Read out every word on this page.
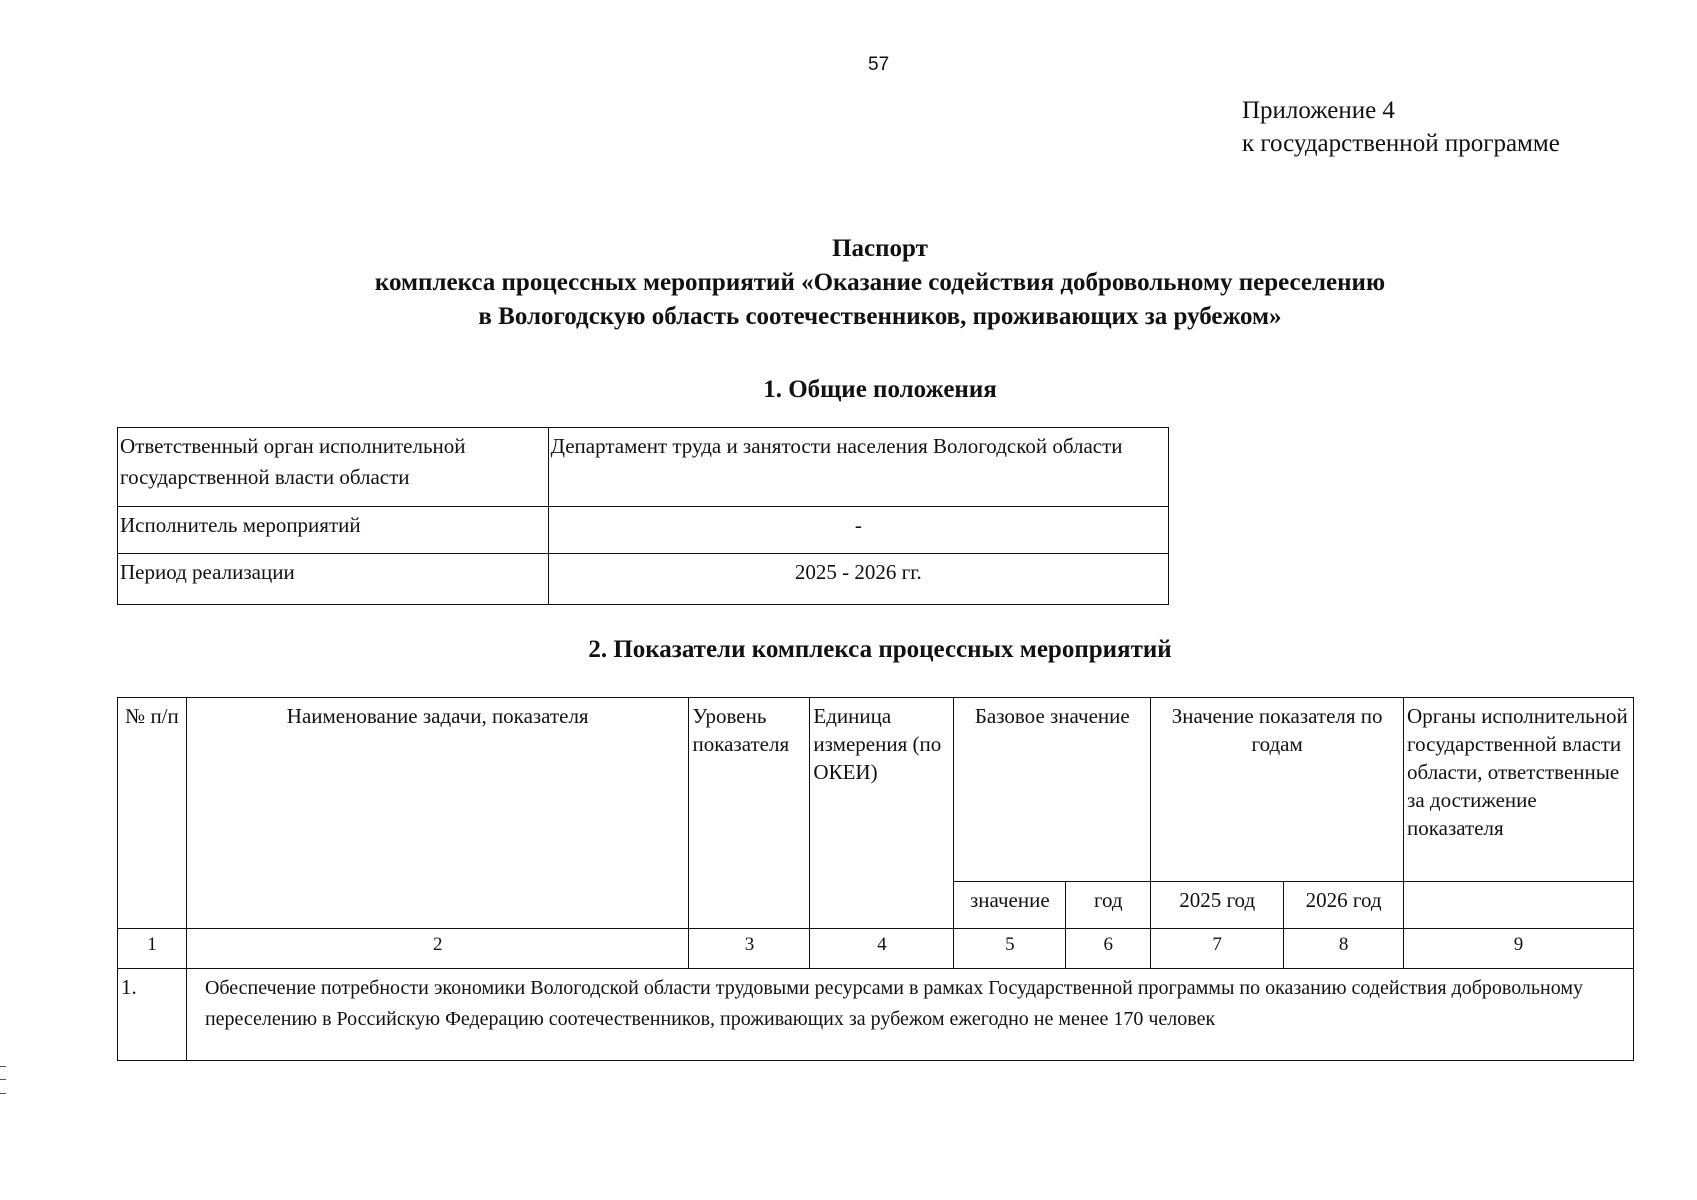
57
Приложение 4
к государственной программе
Паспорт
комплекса процессных мероприятий «Оказание содействия добровольному переселению
в Вологодскую область соотечественников, проживающих за рубежом»
1. Общие положения
Ответственный орган исполнительной государственной власти области	Департамент труда и занятости населения Вологодской области
Исполнитель мероприятий	-
Период реализации	2025 - 2026 гг.
2. Показатели комплекса процессных мероприятий
№ п/п	Наименование задачи, показателя	Уровень показателя	Единица измерения (по ОКЕИ)	Базовое значение		Значение показателя по годам		Органы исполнительной государственной власти области, ответственные за достижение показателя
				значение	год	2025 год	2026 год	
1	2	3	4	5	6	7	8	9
1.	Обеспечение потребности экономики Вологодской области трудовыми ресурсами в рамках Государственной программы по оказанию содействия добровольному переселению в Российскую Федерацию соотечественников, проживающих за рубежом ежегодно не менее 170 человек							
